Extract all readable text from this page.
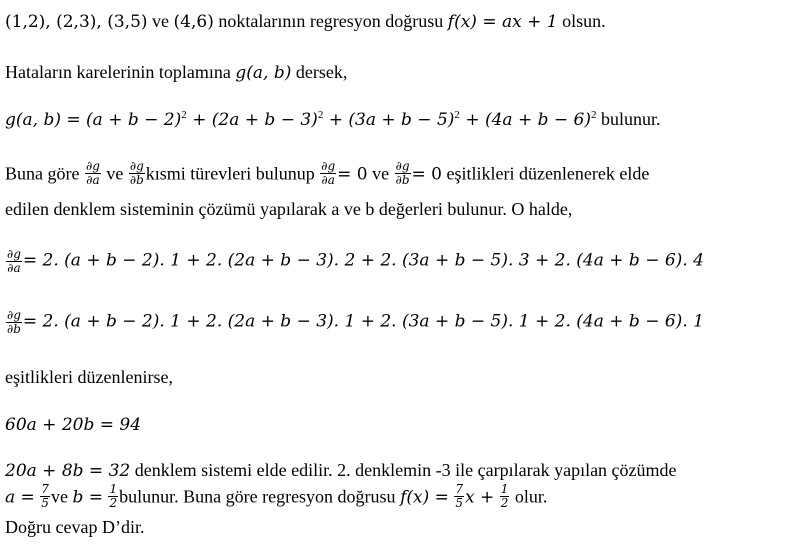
(1,2), (2,3), (3,5) ve (4,6) noktalarının regresyon doğrusu f(x) = ax + 1 olsun.
Hataların karelerinin toplamına g(a, b) dersek,
g(a, $b) = (a + b - 2)^2 + (2a + b - 3)^2 + (3a + b - 5)^2 + (4a + b - 6)^2$ bulunur.
Buna göre $\frac{\partial g}{\partial a}$ ve $\frac{\partial g}{\partial b}$ kısmi türevleri bulunup $\frac{\partial g}{\partial a} = 0$ ve $\frac{\partial g}{\partial b} = 0$ eşitlikleri düzenlenerek elde
edilen denklem sisteminin çözümü yapılarak a ve b değerleri bulunur. O halde,
$\frac{\partial g}{\partial a} = 2$. (a + b − 2). 1 + 2. (2a + b − 3). 2 + 2. (3a + b − 5). 3 + 2. (4a + b − 6). 4
$\frac{\partial g}{\partial b} = 2$. (a + b − 2). 1 + 2. (2a + b − 3). 1 + 2. (3a + b − 5). 1 + 2. (4a + b − 6). 1
eşitlikleri düzenlenirse,
60a + 20b = 94
20a + 8b = 32 denklem sistemi elde edilir. 2. denklemin -3 ile çarpılarak yapılan çözümde
$a = \frac{7}{5}$ ve $b = \frac{1}{2}$ bulunur. Buna göre regresyon doğrusu $f(x) = \frac{7}{5}$ $x + \frac{1}{2}$ olur.
Doğru cevap D’dir.
